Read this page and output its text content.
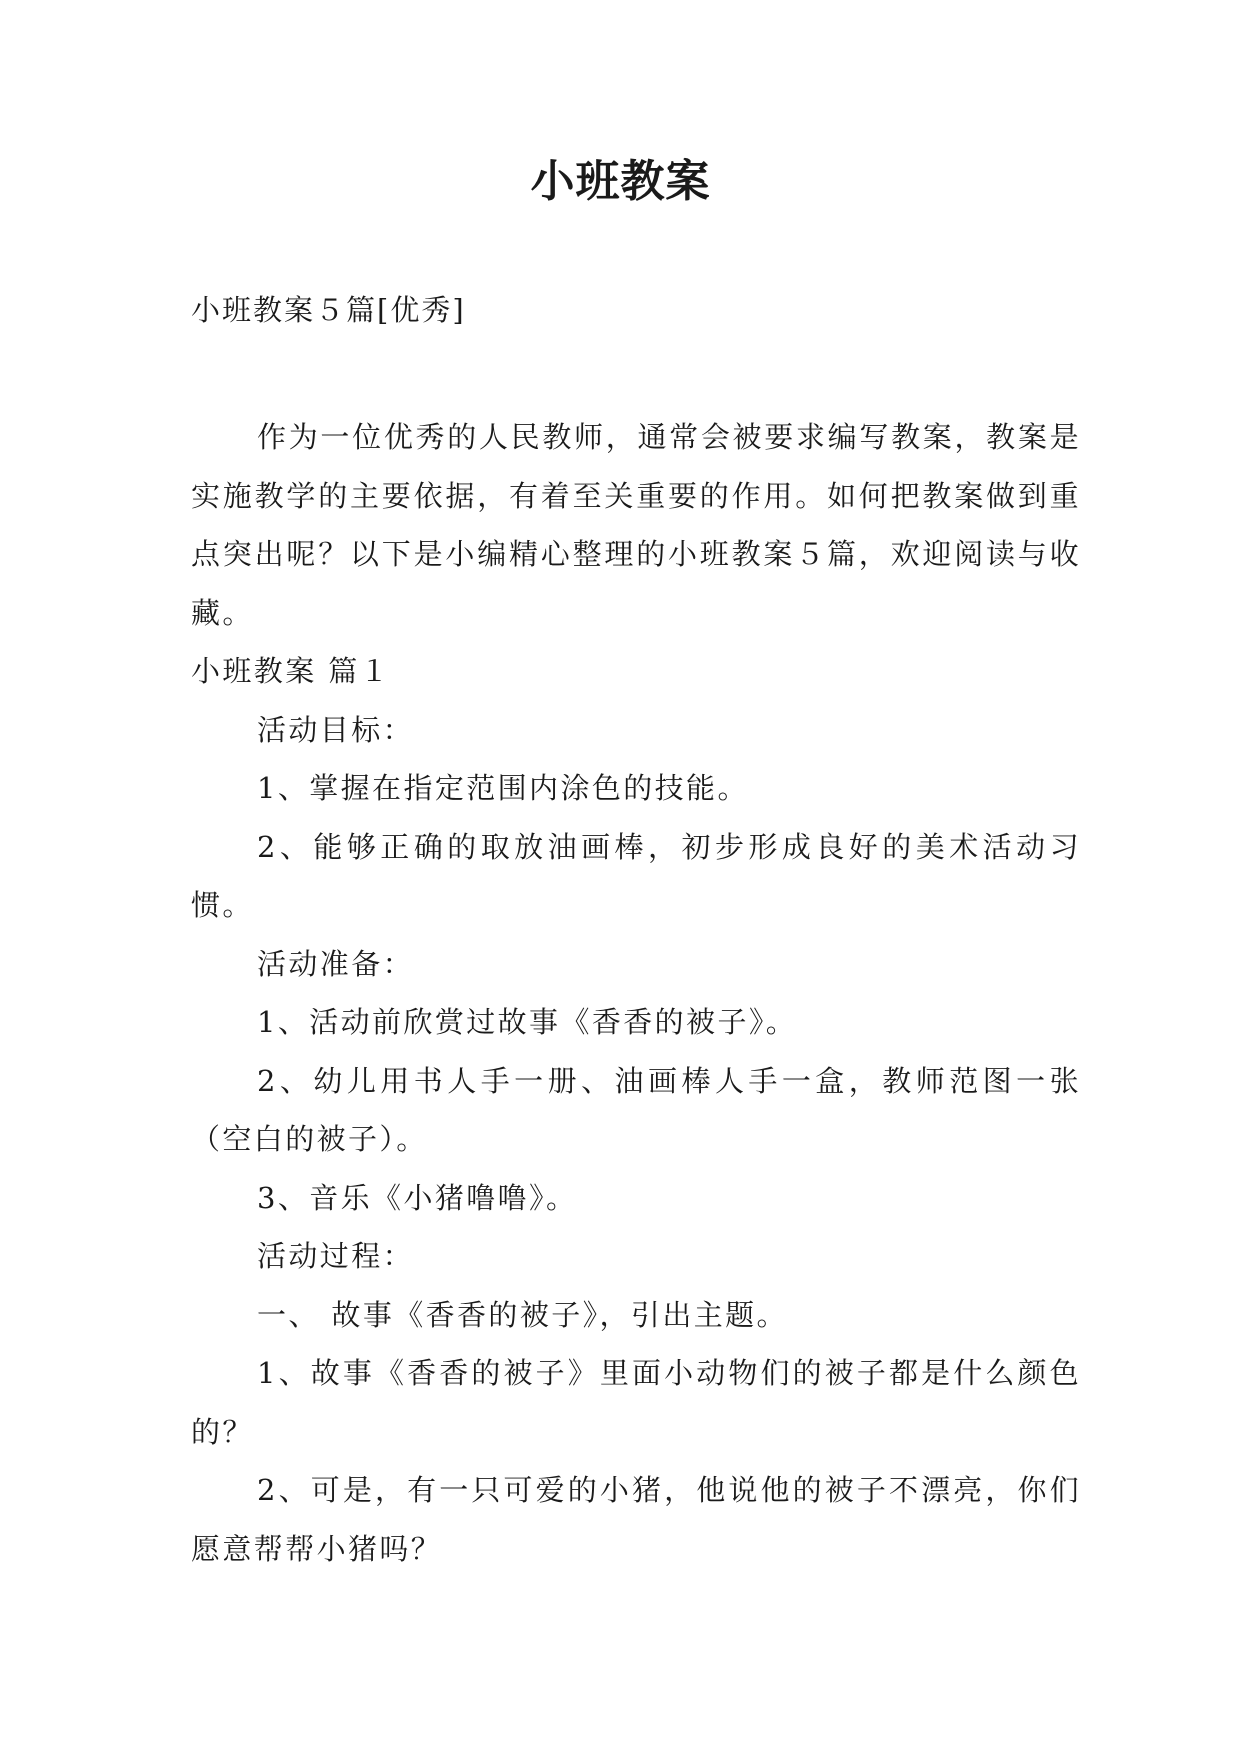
小班教案

小班教案５篇[优秀]

作为一位优秀的人民教师，通常会被要求编写教案，教案是实施教学的主要依据，有着至关重要的作用。如何把教案做到重点突出呢？以下是小编精心整理的小班教案５篇，欢迎阅读与收藏。

小班教案 篇１

活动目标：

1、掌握在指定范围内涂色的技能。

2、能够正确的取放油画棒，初步形成良好的美术活动习惯。

活动准备：

1、活动前欣赏过故事《香香的被子》。

2、幼儿用书人手一册、油画棒人手一盒，教师范图一张（空白的被子）。

3、音乐《小猪噜噜》。

活动过程：

一、 故事《香香的被子》，引出主题。

1、故事《香香的被子》里面小动物们的被子都是什么颜色的？

2、可是，有一只可爱的小猪，他说他的被子不漂亮，你们愿意帮帮小猪吗？
